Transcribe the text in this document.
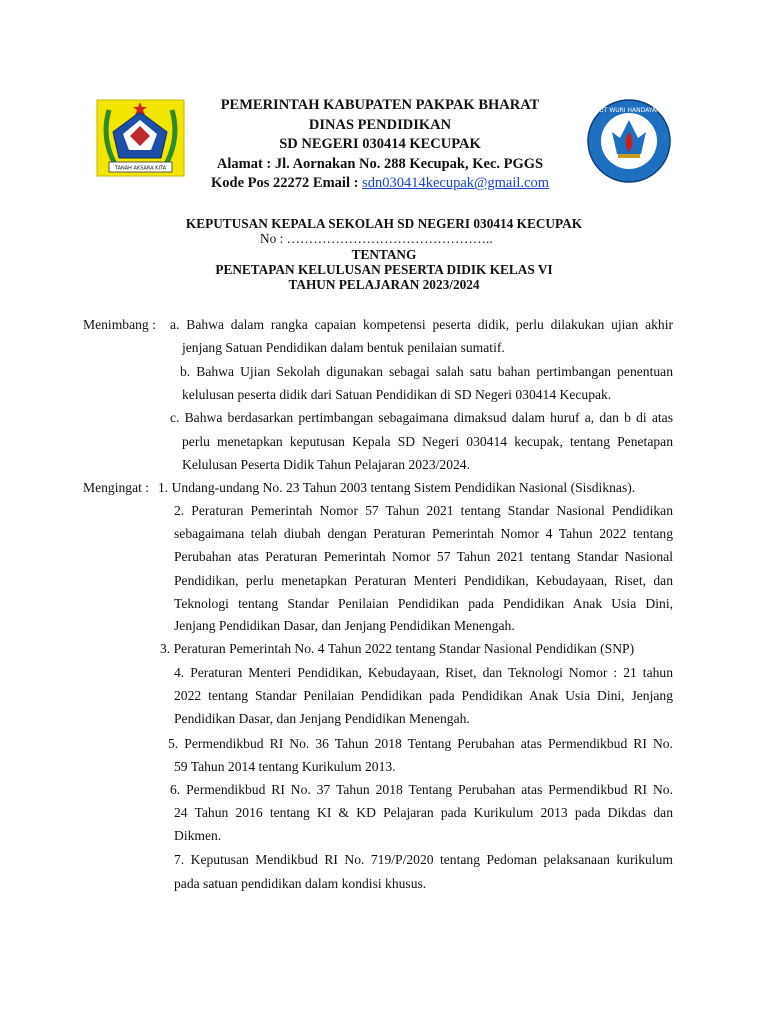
TANAH AKSARA KITA
TUT WURI HANDAYANI
PEMERINTAH KABUPATEN PAKPAK BHARAT
DINAS PENDIDIKAN
SD NEGERI 030414 KECUPAK
Alamat : Jl. Aornakan No. 288 Kecupak, Kec. PGGS
Kode Pos 22272 Email : sdn030414kecupak@gmail.com
KEPUTUSAN KEPALA SEKOLAH SD NEGERI 030414 KECUPAK
No : ………………………………………..
TENTANG
PENETAPAN KELULUSAN PESERTA DIDIK KELAS VI
TAHUN PELAJARAN 2023/2024
Menimbang : a. Bahwa dalam rangka capaian kompetensi peserta didik, perlu dilakukan ujian akhir
jenjang Satuan Pendidikan dalam bentuk penilaian sumatif.
b. Bahwa Ujian Sekolah digunakan sebagai salah satu bahan pertimbangan penentuan
kelulusan peserta didik dari Satuan Pendidikan di SD Negeri 030414 Kecupak.
c. Bahwa berdasarkan pertimbangan sebagaimana dimaksud dalam huruf a, dan b di atas
perlu menetapkan keputusan Kepala SD Negeri 030414 kecupak, tentang Penetapan
Kelulusan Peserta Didik Tahun Pelajaran 2023/2024.
Mengingat : 1. Undang-undang No. 23 Tahun 2003 tentang Sistem Pendidikan Nasional (Sisdiknas).
2. Peraturan Pemerintah Nomor 57 Tahun 2021 tentang Standar Nasional Pendidikan
sebagaimana telah diubah dengan Peraturan Pemerintah Nomor 4 Tahun 2022 tentang
Perubahan atas Peraturan Pemerintah Nomor 57 Tahun 2021 tentang Standar Nasional
Pendidikan, perlu menetapkan Peraturan Menteri Pendidikan, Kebudayaan, Riset, dan
Teknologi tentang Standar Penilaian Pendidikan pada Pendidikan Anak Usia Dini,
Jenjang Pendidikan Dasar, dan Jenjang Pendidikan Menengah.
3. Peraturan Pemerintah No. 4 Tahun 2022 tentang Standar Nasional Pendidikan (SNP)
4. Peraturan Menteri Pendidikan, Kebudayaan, Riset, dan Teknologi Nomor : 21 tahun
2022 tentang Standar Penilaian Pendidikan pada Pendidikan Anak Usia Dini, Jenjang
Pendidikan Dasar, dan Jenjang Pendidikan Menengah.
5. Permendikbud RI No. 36 Tahun 2018 Tentang Perubahan atas Permendikbud RI No.
59 Tahun 2014 tentang Kurikulum 2013.
6. Permendikbud RI No. 37 Tahun 2018 Tentang Perubahan atas Permendikbud RI No.
24 Tahun 2016 tentang KI & KD Pelajaran pada Kurikulum 2013 pada Dikdas dan
Dikmen.
7. Keputusan Mendikbud RI No. 719/P/2020 tentang Pedoman pelaksanaan kurikulum
pada satuan pendidikan dalam kondisi khusus.
